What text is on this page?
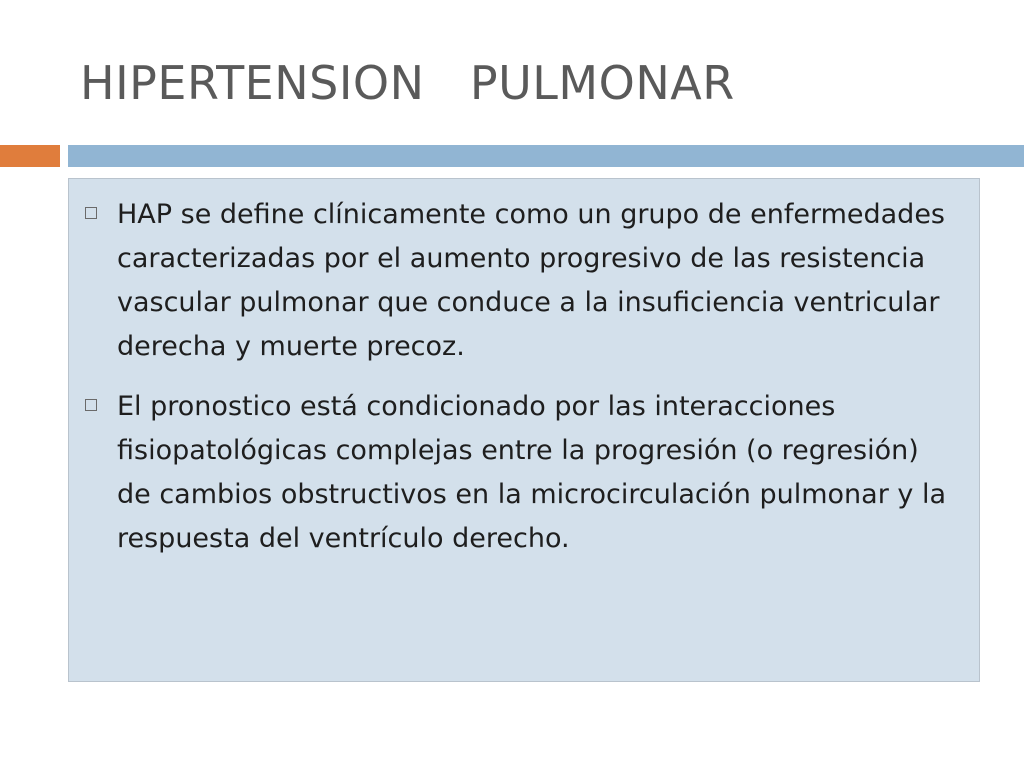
HIPERTENSION   PULMONAR
HAP se define clínicamente como un grupo de enfermedades caracterizadas por el aumento progresivo de las resistencia vascular pulmonar que conduce a la insuficiencia ventricular derecha y muerte precoz.
El pronostico está condicionado por las interacciones fisiopatológicas complejas entre la progresión (o regresión) de cambios obstructivos en la microcirculación pulmonar y la respuesta del ventrículo derecho.
